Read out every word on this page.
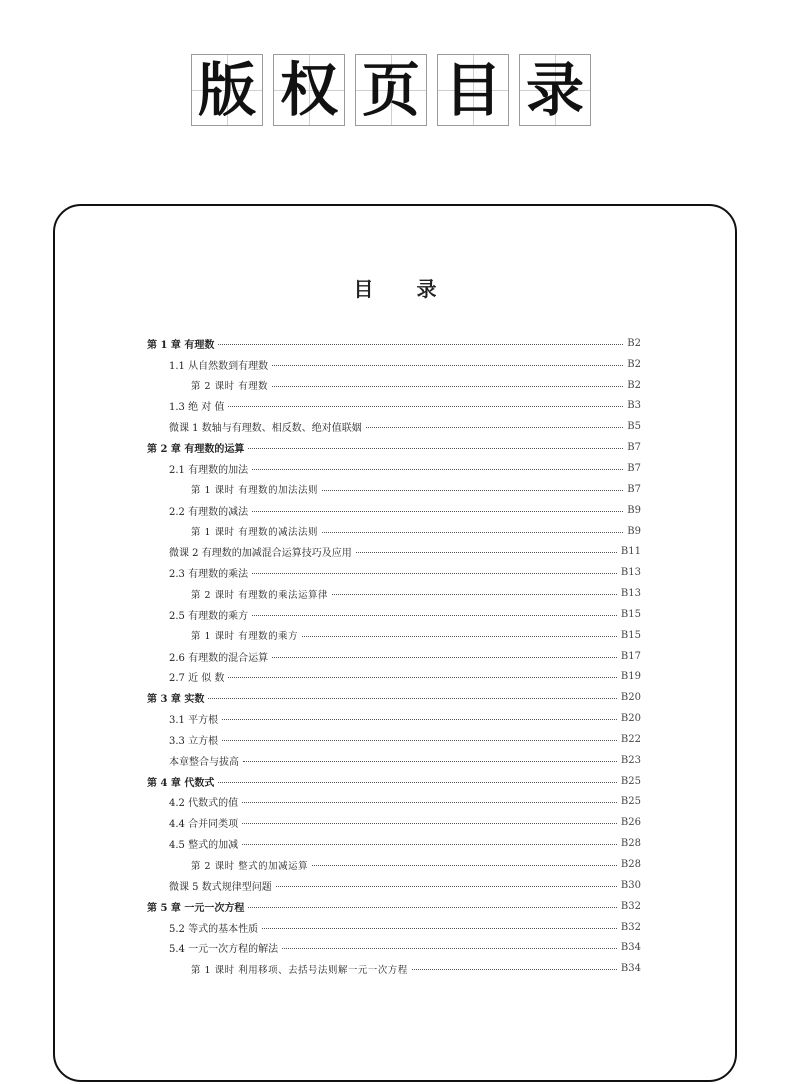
版 权 页 目 录
目 录
第 1 章 有理数	B2
1.1 从自然数到有理数	B2
第 2 课时 有理数	B2
1.3 绝 对 值	B3
微课 1 数轴与有理数、相反数、绝对值联姻	B5
第 2 章 有理数的运算	B7
2.1 有理数的加法	B7
第 1 课时 有理数的加法法则	B7
2.2 有理数的减法	B9
第 1 课时 有理数的减法法则	B9
微课 2 有理数的加减混合运算技巧及应用	B11
2.3 有理数的乘法	B13
第 2 课时 有理数的乘法运算律	B13
2.5 有理数的乘方	B15
第 1 课时 有理数的乘方	B15
2.6 有理数的混合运算	B17
2.7 近 似 数	B19
第 3 章 实数	B20
3.1 平方根	B20
3.3 立方根	B22
本章整合与拔高	B23
第 4 章 代数式	B25
4.2 代数式的值	B25
4.4 合并同类项	B26
4.5 整式的加减	B28
第 2 课时 整式的加减运算	B28
微课 5 数式规律型问题	B30
第 5 章 一元一次方程	B32
5.2 等式的基本性质	B32
5.4 一元一次方程的解法	B34
第 1 课时 利用移项、去括号法则解一元一次方程	B34
